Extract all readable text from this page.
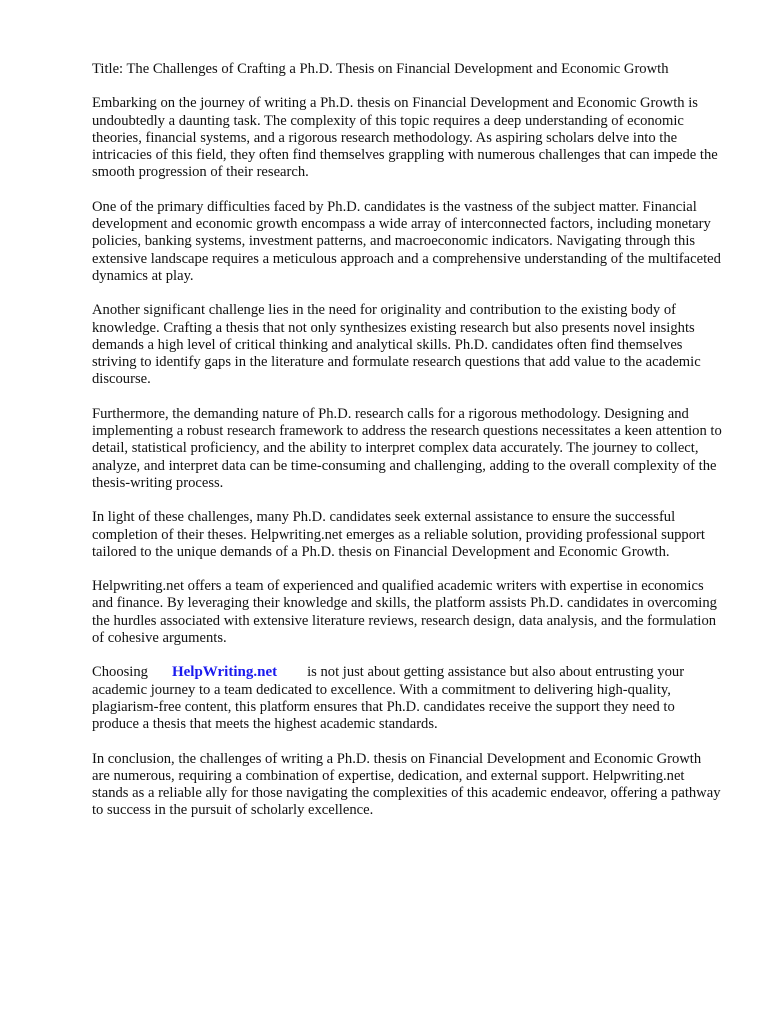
Title: The Challenges of Crafting a Ph.D. Thesis on Financial Development and Economic Growth

Embarking on the journey of writing a Ph.D. thesis on Financial Development and Economic Growth is undoubtedly a daunting task. The complexity of this topic requires a deep understanding of economic theories, financial systems, and a rigorous research methodology. As aspiring scholars delve into the intricacies of this field, they often find themselves grappling with numerous challenges that can impede the smooth progression of their research.

One of the primary difficulties faced by Ph.D. candidates is the vastness of the subject matter. Financial development and economic growth encompass a wide array of interconnected factors, including monetary policies, banking systems, investment patterns, and macroeconomic indicators. Navigating through this extensive landscape requires a meticulous approach and a comprehensive understanding of the multifaceted dynamics at play.

Another significant challenge lies in the need for originality and contribution to the existing body of knowledge. Crafting a thesis that not only synthesizes existing research but also presents novel insights demands a high level of critical thinking and analytical skills. Ph.D. candidates often find themselves striving to identify gaps in the literature and formulate research questions that add value to the academic discourse.

Furthermore, the demanding nature of Ph.D. research calls for a rigorous methodology. Designing and implementing a robust research framework to address the research questions necessitates a keen attention to detail, statistical proficiency, and the ability to interpret complex data accurately. The journey to collect, analyze, and interpret data can be time-consuming and challenging, adding to the overall complexity of the thesis-writing process.

In light of these challenges, many Ph.D. candidates seek external assistance to ensure the successful completion of their theses. Helpwriting.net emerges as a reliable solution, providing professional support tailored to the unique demands of a Ph.D. thesis on Financial Development and Economic Growth.

Helpwriting.net offers a team of experienced and qualified academic writers with expertise in economics and finance. By leveraging their knowledge and skills, the platform assists Ph.D. candidates in overcoming the hurdles associated with extensive literature reviews, research design, data analysis, and the formulation of cohesive arguments.

Choosing HelpWriting.net is not just about getting assistance but also about entrusting your academic journey to a team dedicated to excellence. With a commitment to delivering high-quality, plagiarism-free content, this platform ensures that Ph.D. candidates receive the support they need to produce a thesis that meets the highest academic standards.

In conclusion, the challenges of writing a Ph.D. thesis on Financial Development and Economic Growth are numerous, requiring a combination of expertise, dedication, and external support. Helpwriting.net stands as a reliable ally for those navigating the complexities of this academic endeavor, offering a pathway to success in the pursuit of scholarly excellence.
